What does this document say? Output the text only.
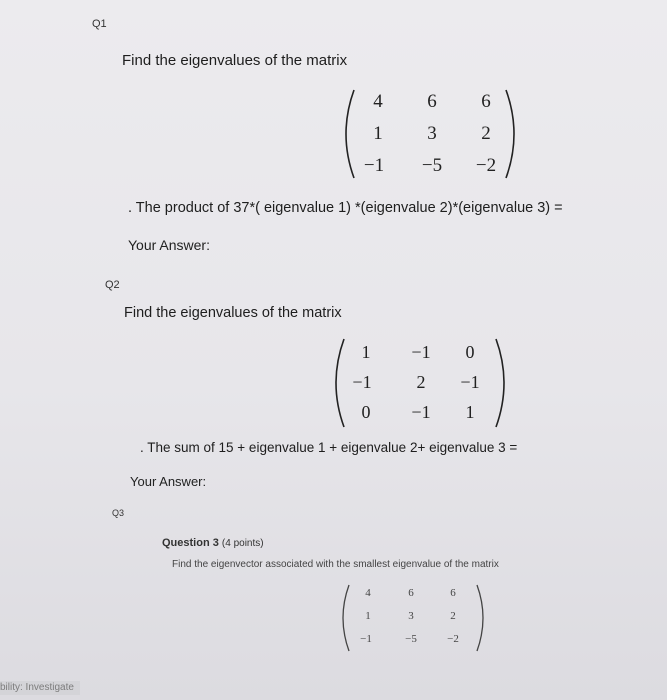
Q1
Find the eigenvalues of the matrix
4 6 6
1 3 2
−1 −5 −2
. The product of 37*( eigenvalue 1) *(eigenvalue 2)*(eigenvalue 3) =
Your Answer:
Q2
Find the eigenvalues of the matrix
1 −1 0
−1 2 −1
0 −1 1
. The sum of 15 + eigenvalue 1 + eigenvalue 2+ eigenvalue 3 =
Your Answer:
Q3
Question 3 (4 points)
Find the eigenvector associated with the smallest eigenvalue of the matrix
4	6	6
1	3	2
−1	−5	−2
bility: Investigate
